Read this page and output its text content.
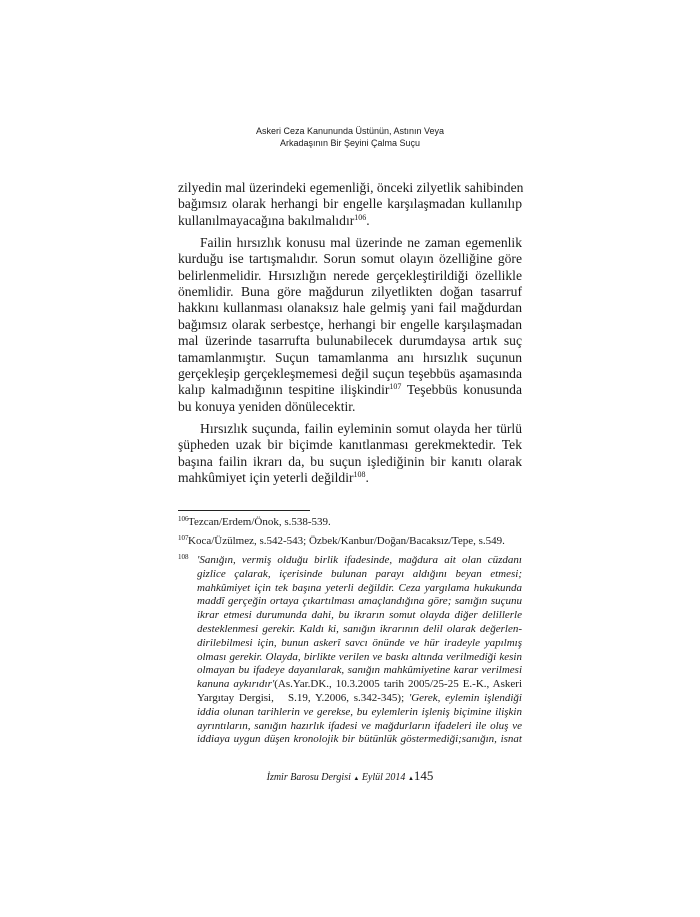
Askeri Ceza Kanununda Üstünün, Astının Veya
Arkadaşının Bir Şeyini Çalma Suçu
zilyedin mal üzerindeki egemenliği, önceki zilyetlik sahibinden
bağımsız olarak herhangi bir engelle karşılaşmadan kullanılıp
kullanılmayacağına bakılmalıdır$^{106}$.
Failin hırsızlık konusu mal üzerinde ne zaman egemenlik
kurduğu ise tartışmalıdır. Sorun somut olayın özelliğine göre
belirlenmelidir. Hırsızlığın nerede gerçekleştirildiği özellikle
önemlidir. Buna göre mağdurun zilyetlikten doğan tasarruf
hakkını kullanması olanaksız hale gelmiş yani fail mağdurdan
bağımsız olarak serbestçe, herhangi bir engelle karşılaşmadan
mal üzerinde tasarrufta bulunabilecek durumdaysa artık suç
tamamlanmıştır. Suçun tamamlanma anı hırsızlık suçunun
gerçekleşip gerçekleşmemesi değil suçun teşebbüs aşamasında
kalıp kalmadığının tespitine ilişkindir$^{107}$ Teşebbüs konusunda
bu konuya yeniden dönülecektir.
Hırsızlık suçunda, failin eyleminin somut olayda her türlü
şüpheden uzak bir biçimde kanıtlanması gerekmektedir. Tek
başına failin ikrarı da, bu suçun işlediğinin bir kanıtı olarak
mahkûmiyet için yeterli değildir$^{108}$.
106 Tezcan/Erdem/Önok, s.538-539.
107 Koca/Üzülmez, s.542-543; Özbek/Kanbur/Doğan/Bacaksız/Tepe, s.549.
108 'Sanığın, vermiş olduğu birlik ifadesinde, mağdura ait olan cüzdanı
gizlice çalarak, içerisinde bulunan parayı aldığını beyan etmesi;
mahkûmiyet için tek başına yeterli değildir. Ceza yargılama hukukunda
maddî gerçeğin ortaya çıkartılması amaçlandığına göre; sanığın suçunu
ikrar etmesi durumunda dahi, bu ikrarın somut olayda diğer delillerle
desteklenmesi gerekir. Kaldı ki, sanığın ikrarının delil olarak değerlen-
dirilebilmesi için, bunun askerî savcı önünde ve hür iradeyle yapılmış
olması gerekir. Olayda, birlikte verilen ve baskı altında verilmediği kesin
olmayan bu ifadeye dayanılarak, sanığın mahkûmiyetine karar verilmesi
kanuna aykırıdır'(As.Yar.DK., 10.3.2005 tarih 2005/25-25 E.-K., Askeri
Yargıtay Dergisi,   S.19, Y.2006, s.342-345); 'Gerek, eylemin işlendiği
iddia olunan tarihlerin ve gerekse, bu eylemlerin işleniş biçimine ilişkin
ayrıntıların, sanığın hazırlık ifadesi ve mağdurların ifadeleri ile oluş ve
iddiaya uygun düşen kronolojik bir bütünlük göstermediği;sanığın, isnat
İzmir Barosu Dergisi ▲ Eylül 2014 ▲145
